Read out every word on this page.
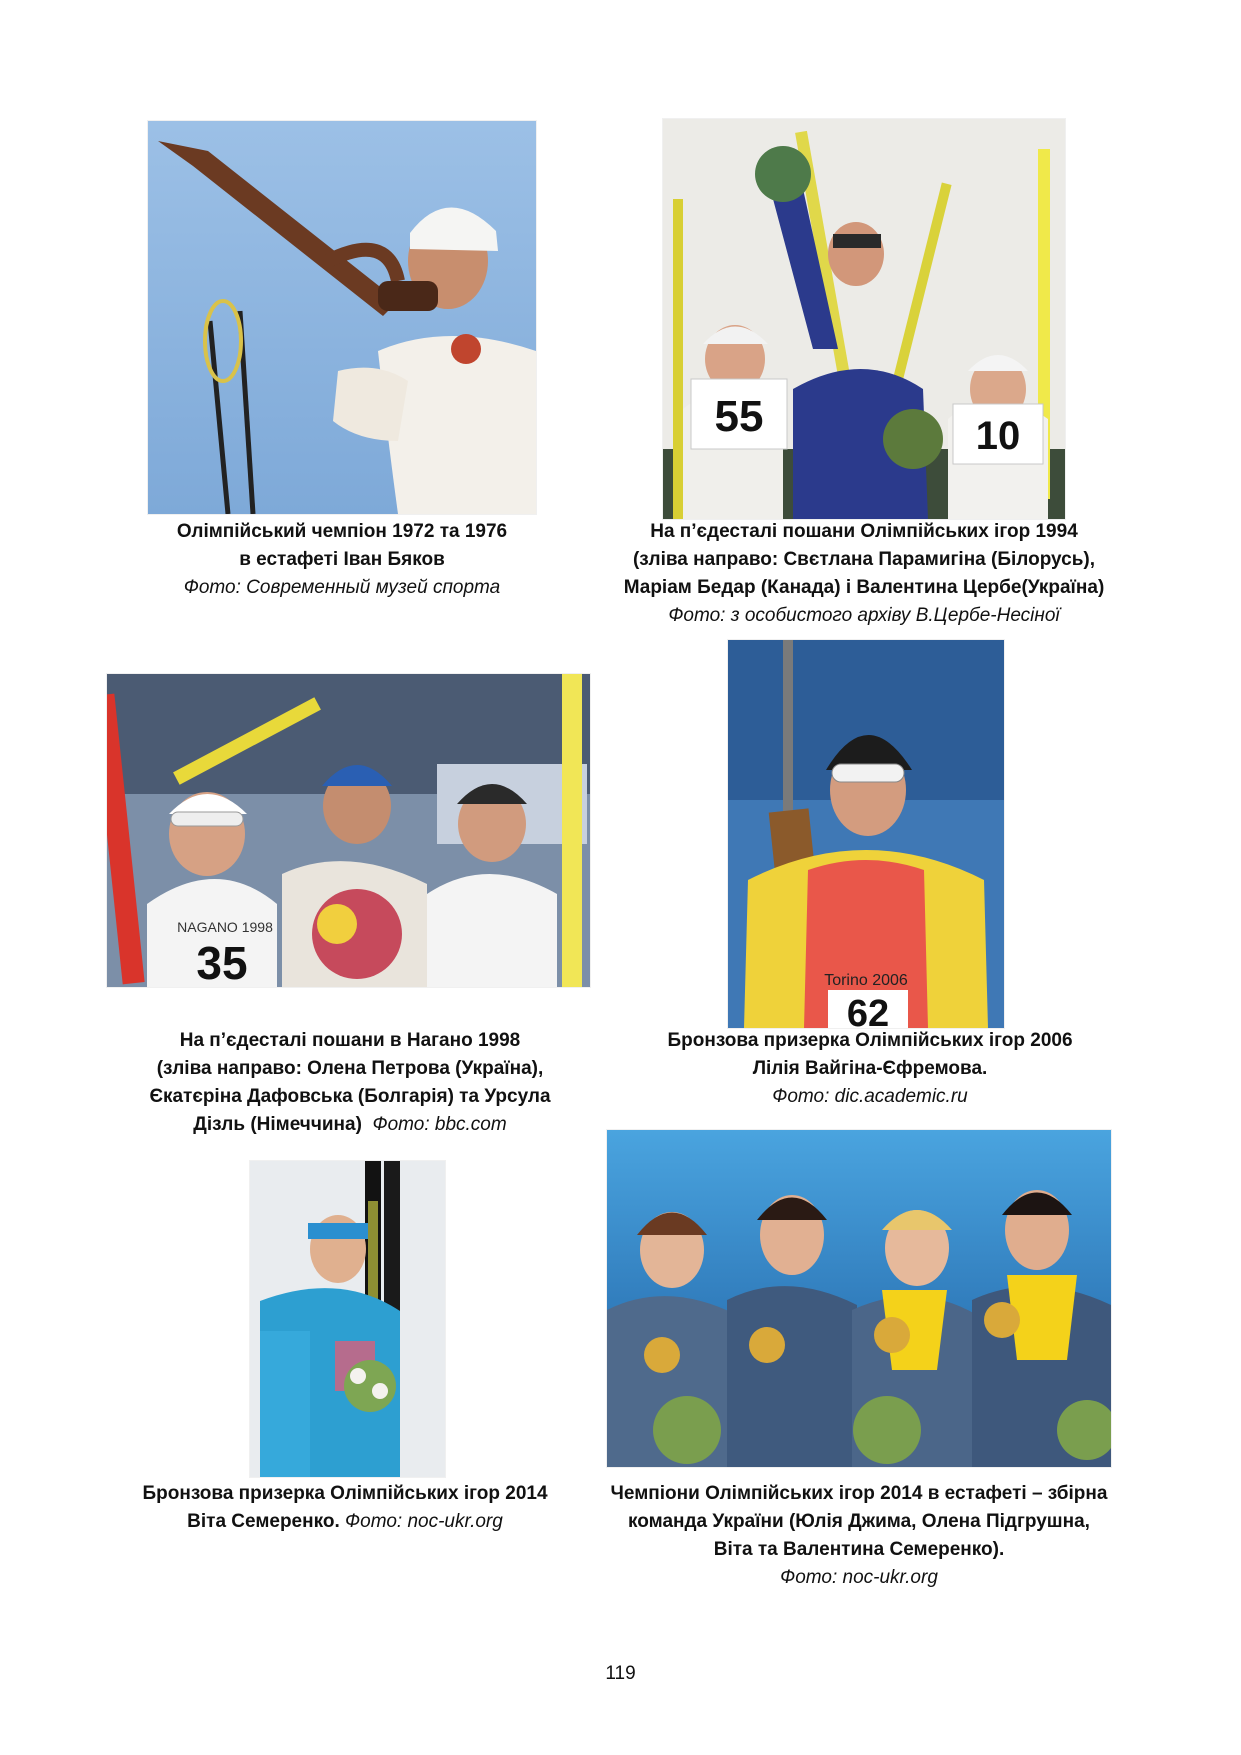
Олімпійський чемпіон 1972 та 1976
в естафеті Іван Бяков
Фото: Современный музей спорта
55	10
На п’єдесталі пошани Олімпійських ігор 1994
(зліва направо: Свєтлана Парамигіна (Білорусь),
Маріам Бедар (Канада) і Валентина Цербе(Україна)
Фото: з особистого архіву В.Цербе-Несіної
35
NAGANO 1998
На п’єдесталі пошани в Нагано 1998
(зліва направо: Олена Петрова (Україна),
Єкатєріна Дафовська (Болгарія) та Урсула
Дізль (Німеччина) Фото: bbc.com
Torino 2006
62
Бронзова призерка Олімпійських ігор 2006
Лілія Вайгіна-Єфремова.
Фото: dic.academic.ru
Бронзова призерка Олімпійських ігор 2014
Віта Семеренко. Фото: noc-ukr.org
Чемпіони Олімпійських ігор 2014 в естафеті – збірна
команда України (Юлія Джима, Олена Підгрушна,
Віта та Валентина Семеренко).
Фото: noc-ukr.org
119
